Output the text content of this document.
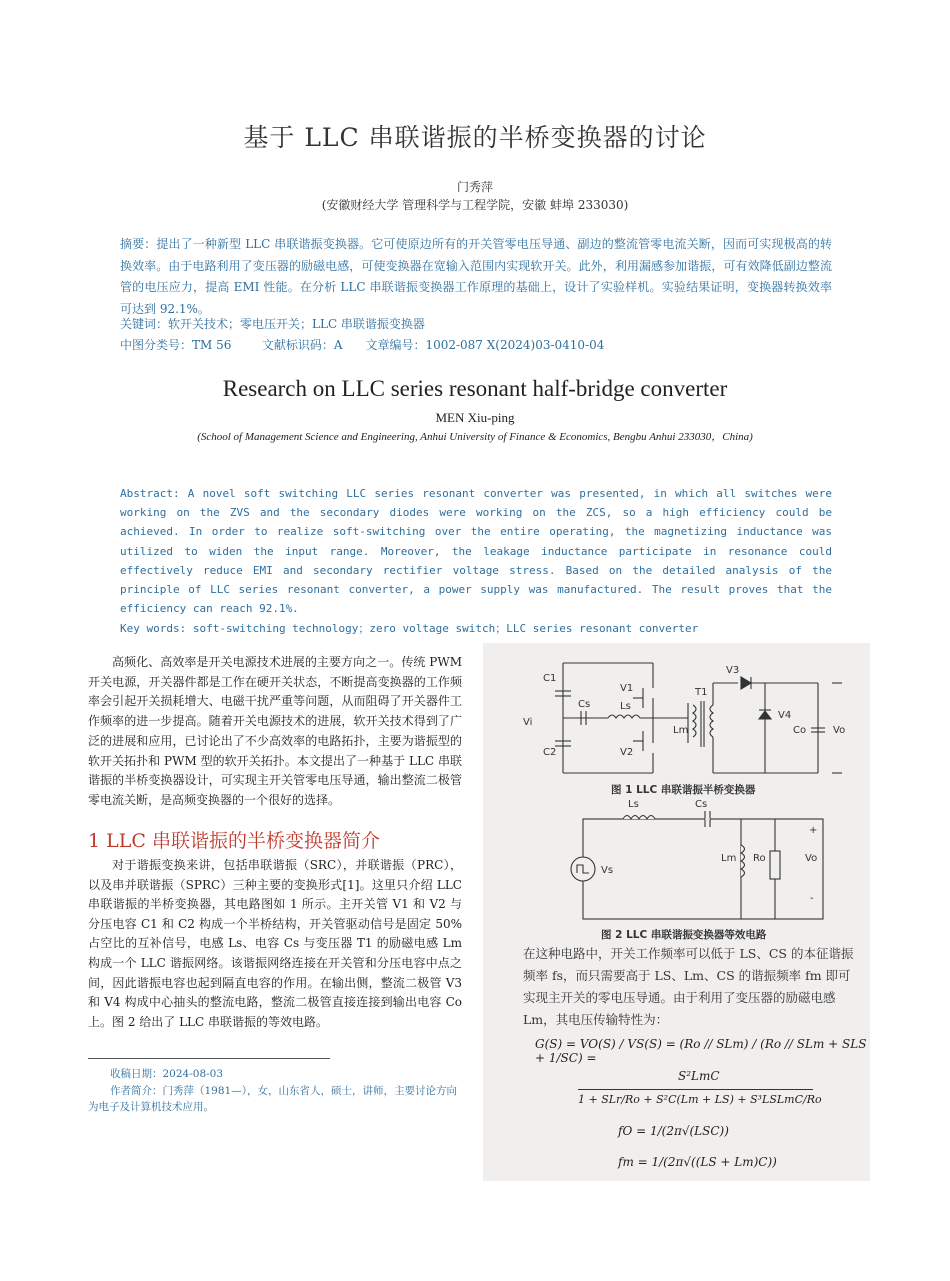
基于 LLC 串联谐振的半桥变换器的讨论
门秀萍
(安徽财经大学 管理科学与工程学院，安徽 蚌埠 233030)
摘要：提出了一种新型 LLC 串联谐振变换器。它可使原边所有的开关管零电压导通、副边的整流管零电流关断，因而可实现极高的转换效率。由于电路利用了变压器的励磁电感，可使变换器在宽输入范围内实现软开关。此外，利用漏感参加谐振，可有效降低副边整流管的电压应力，提高 EMI 性能。在分析 LLC 串联谐振变换器工作原理的基础上，设计了实验样机。实验结果证明，变换器转换效率可达到 92.1%。
关键词：软开关技术；零电压开关；LLC 串联谐振变换器
中图分类号：TM 56        文献标识码：A      文章编号：1002-087 X(2024)03-0410-04
Research on LLC series resonant half-bridge converter
MEN Xiu-ping
(School of Management Science and Engineering, Anhui University of Finance & Economics, Bengbu Anhui 233030，China)
Abstract: A novel soft switching LLC series resonant converter was presented, in which all switches were working on the ZVS and the secondary diodes were working on the ZCS, so a high efficiency could be achieved. In order to realize soft-switching over the entire operating, the magnetizing inductance was utilized to widen the input range. Moreover, the leakage inductance participate in resonance could effectively reduce EMI and secondary rectifier voltage stress. Based on the detailed analysis of the principle of LLC series resonant converter, a power supply was manufactured. The result proves that the efficiency can reach 92.1%.
Key words: soft-switching technology；zero voltage switch；LLC series resonant converter

高频化、高效率是开关电源技术进展的主要方向之一。传统 PWM 开关电源，开关器件都是工作在硬开关状态，不断提高变换器的工作频率会引起开关损耗增大、电磁干扰严重等问题，从而阻碍了开关器件工作频率的进一步提高。随着开关电源技术的进展，软开关技术得到了广泛的进展和应用，已讨论出了不少高效率的电路拓扑，主要为谐振型的软开关拓扑和 PWM 型的软开关拓扑。本文提出了一种基于 LLC 串联谐振的半桥变换器设计，可实现主开关管零电压导通，输出整流二极管零电流关断，是高频变换器的一个很好的选择。

1 LLC 串联谐振的半桥变换器简介

对于谐振变换来讲，包括串联谐振（SRC），并联谐振（PRC），以及串并联谐振（SPRC）三种主要的变换形式[1]。这里只介绍 LLC 串联谐振的半桥变换器，其电路图如 1 所示。主开关管 V1 和 V2 与分压电容 C1 和 C2 构成一个半桥结构，开关管驱动信号是固定 50%占空比的互补信号，电感 Ls、电容 Cs 与变压器 T1 的励磁电感 Lm 构成一个 LLC 谐振网络。该谐振网络连接在开关管和分压电容中点之间，因此谐振电容也起到隔直电容的作用。在输出侧，整流二极管 V3 和 V4 构成中心抽头的整流电路，整流二极管直接连接到输出电容 Co上。图 2 给出了 LLC 串联谐振的等效电路。

收稿日期：2024-08-03
作者简介：门秀萍（1981—），女，山东省人，硕士，讲师，主要讨论方向为电子及计算机技术应用。
C1
C2
Vi
V1
V2
Cs	Ls
Lm
T1
V3
V4
Co	Vo
图 1 LLC 串联谐振半桥变换器
Ls	Cs
Vs
Lm Ro	Vo
+
-
图 2 LLC 串联谐振变换器等效电路
在这种电路中，开关工作频率可以低于 LS、CS 的本征谐振频率 fs，而只需要高于 LS、Lm、CS 的谐振频率 fm 即可实现主开关的零电压导通。由于利用了变压器的励磁电感 Lm，其电压传输特性为：
G(S) = VO(S) / VS(S) = (Ro // SLm) / (Ro // SLm + SLS + 1/SC) =
S²LmC
1 + SLr/Ro + S²C(Lm + LS) + S³LSLmC/Ro
fO = 1/(2π√(LSC))
fm = 1/(2π√((LS + Lm)C))
